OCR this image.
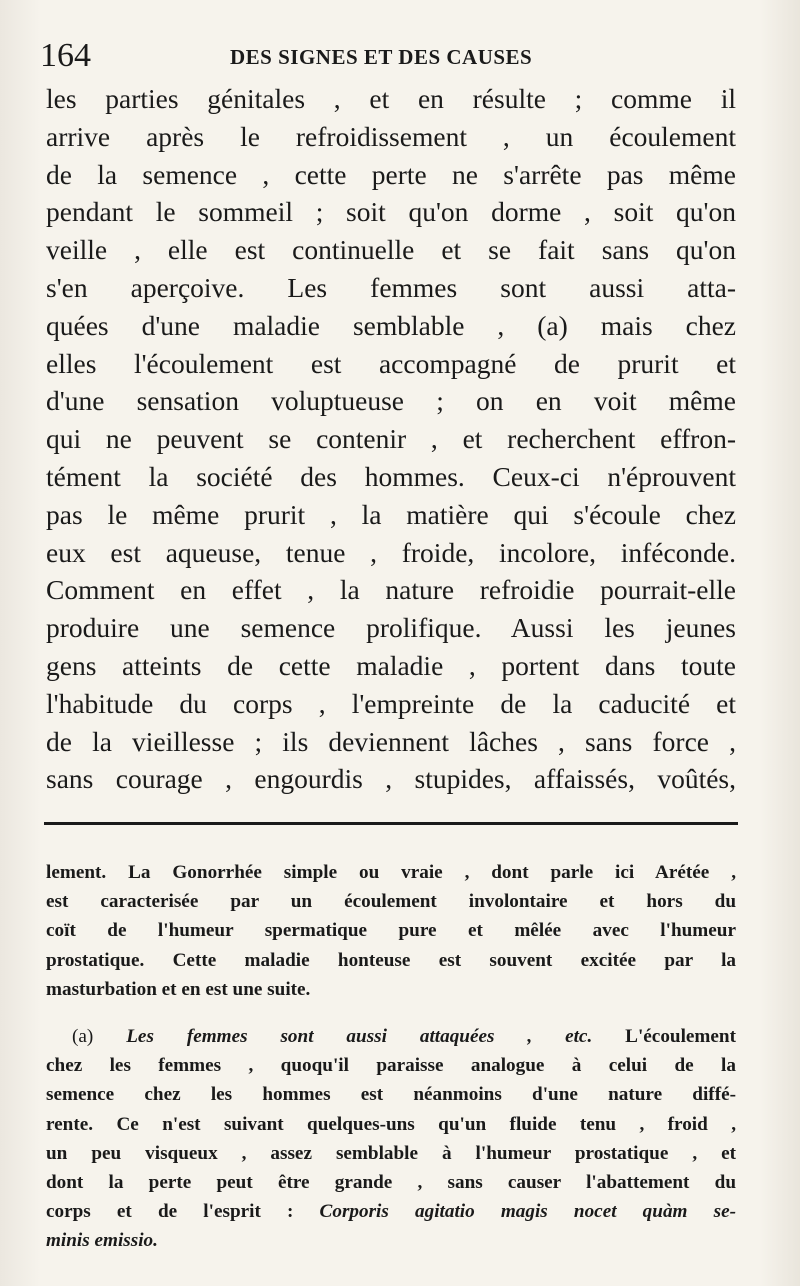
164	DES SIGNES ET DES CAUSES
les parties génitales , et en résulte ; comme il
arrive après le refroidissement , un écoulement
de la semence , cette perte ne s'arrête pas même
pendant le sommeil ; soit qu'on dorme , soit qu'on
veille , elle est continuelle et se fait sans qu'on
s'en aperçoive. Les femmes sont aussi atta-
quées d'une maladie semblable , (a) mais chez
elles l'écoulement est accompagné de prurit et
d'une sensation voluptueuse ; on en voit même
qui ne peuvent se contenir , et recherchent effron-
tément la société des hommes. Ceux-ci n'éprouvent
pas le même prurit , la matière qui s'écoule chez
eux est aqueuse, tenue , froide, incolore, inféconde.
Comment en effet , la nature refroidie pourrait-elle
produire une semence prolifique. Aussi les jeunes
gens atteints de cette maladie , portent dans toute
l'habitude du corps , l'empreinte de la caducité et
de la vieillesse ; ils deviennent lâches , sans force ,
sans courage , engourdis , stupides, affaissés, voûtés,
lement. La Gonorrhée simple ou vraie , dont parle ici Arétée ,
est caracterisée par un écoulement involontaire et hors du
coït de l'humeur spermatique pure et mêlée avec l'humeur
prostatique. Cette maladie honteuse est souvent excitée par la
masturbation et en est une suite.
(a) Les femmes sont aussi attaquées , etc. L'écoulement
chez les femmes , quoqu'il paraisse analogue à celui de la
semence chez les hommes est néanmoins d'une nature diffé-
rente. Ce n'est suivant quelques-uns qu'un fluide tenu , froid ,
un peu visqueux , assez semblable à l'humeur prostatique , et
dont la perte peut être grande , sans causer l'abattement du
corps et de l'esprit : Corporis agitatio magis nocet quàm se-
minis emissio.
